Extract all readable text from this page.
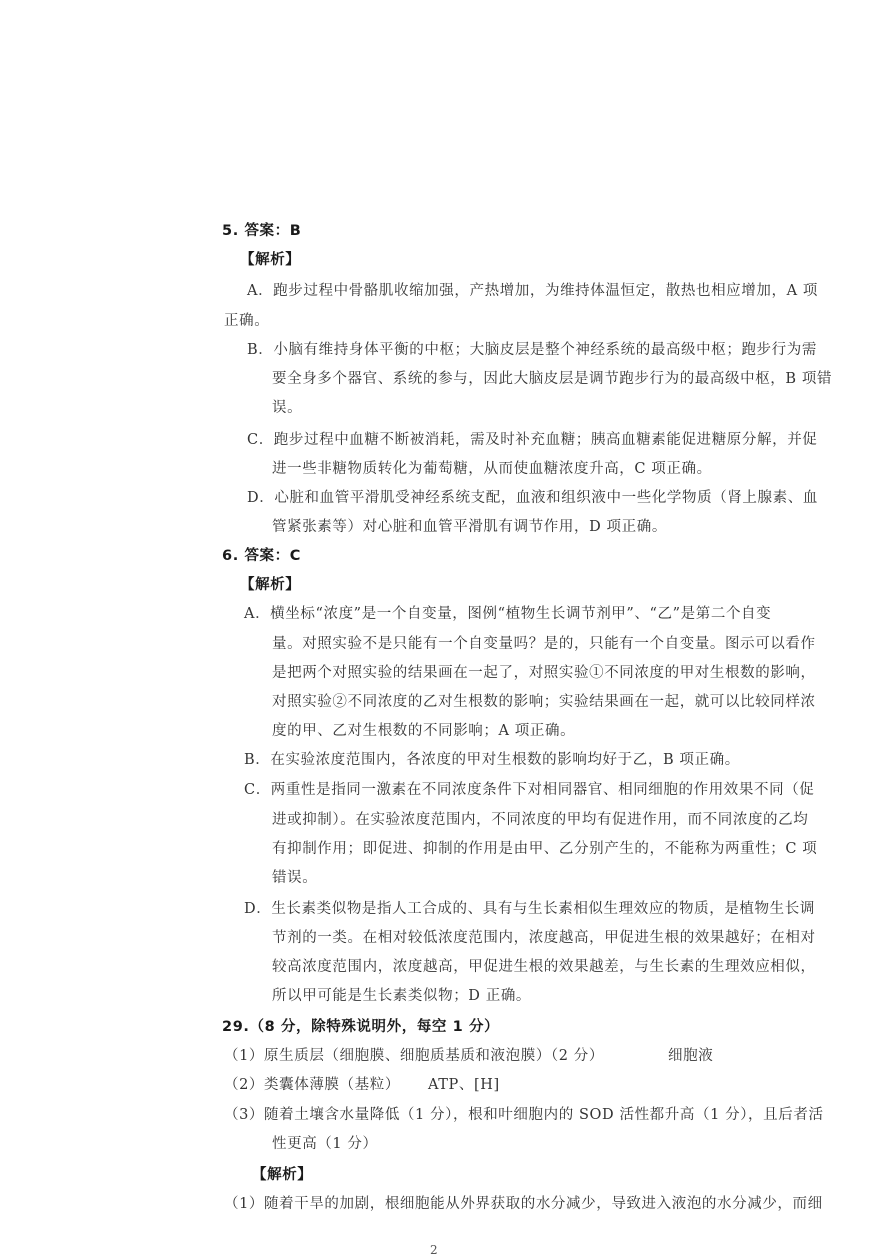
5. 答案：B
【解析】
A．跑步过程中骨骼肌收缩加强，产热增加，为维持体温恒定，散热也相应增加，A 项
正确。
B．小脑有维持身体平衡的中枢；大脑皮层是整个神经系统的最高级中枢；跑步行为需
要全身多个器官、系统的参与，因此大脑皮层是调节跑步行为的最高级中枢，B 项错
误。
C．跑步过程中血糖不断被消耗，需及时补充血糖；胰高血糖素能促进糖原分解，并促
进一些非糖物质转化为葡萄糖，从而使血糖浓度升高，C 项正确。
D．心脏和血管平滑肌受神经系统支配，血液和组织液中一些化学物质（肾上腺素、血
管紧张素等）对心脏和血管平滑肌有调节作用，D 项正确。
6. 答案：C
【解析】
A．横坐标“浓度”是一个自变量，图例“植物生长调节剂甲”、“乙”是第二个自变
量。对照实验不是只能有一个自变量吗？是的，只能有一个自变量。图示可以看作
是把两个对照实验的结果画在一起了，对照实验①不同浓度的甲对生根数的影响，
对照实验②不同浓度的乙对生根数的影响；实验结果画在一起，就可以比较同样浓
度的甲、乙对生根数的不同影响；A 项正确。
B．在实验浓度范围内，各浓度的甲对生根数的影响均好于乙，B 项正确。
C．两重性是指同一激素在不同浓度条件下对相同器官、相同细胞的作用效果不同（促
进或抑制）。在实验浓度范围内，不同浓度的甲均有促进作用，而不同浓度的乙均
有抑制作用；即促进、抑制的作用是由甲、乙分别产生的，不能称为两重性；C 项
错误。
D．生长素类似物是指人工合成的、具有与生长素相似生理效应的物质，是植物生长调
节剂的一类。在相对较低浓度范围内，浓度越高，甲促进生根的效果越好；在相对
较高浓度范围内，浓度越高，甲促进生根的效果越差，与生长素的生理效应相似，
所以甲可能是生长素类似物；D 正确。
29.（8 分，除特殊说明外，每空 1 分）
（1）原生质层（细胞膜、细胞质基质和液泡膜）（2 分）	细胞液
（2）类囊体薄膜（基粒） ATP、[H]
（3）随着土壤含水量降低（1 分），根和叶细胞内的 SOD 活性都升高（1 分），且后者活
性更高（1 分）
【解析】
（1）随着干旱的加剧，根细胞能从外界获取的水分减少，导致进入液泡的水分减少，而细
2
